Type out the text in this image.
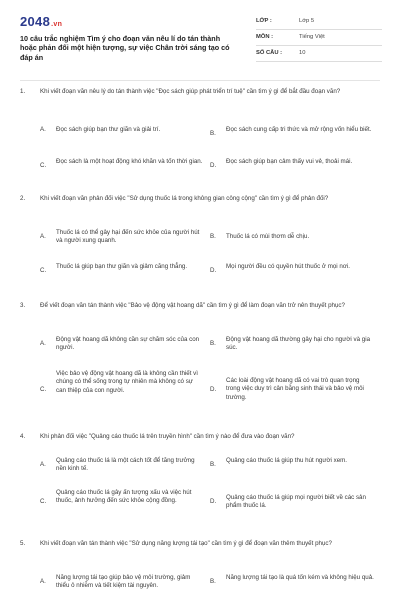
2048.vn
10 câu trắc nghiệm Tìm ý cho đoạn văn nêu lí do tán thành hoặc phản đối một hiện tượng, sự việc Chân trời sáng tạo có đáp án
LỚP :	Lớp 5
MÔN :	Tiếng Việt
SỐ CÂU :	10
1. Khi viết đoạn văn nêu lý do tán thành việc "Đọc sách giúp phát triển trí tuệ" cần tìm ý gì để bắt đầu đoạn văn?
A. Đọc sách giúp bạn thư giãn và giải trí.
B.
Đọc sách cung cấp tri thức và mở rộng vốn hiểu biết.
C.
Đọc sách là một hoạt động khó khăn và tốn thời gian.
D.
Đọc sách giúp bạn cảm thấy vui vẻ, thoải mái.
2. Khi viết đoạn văn phản đối việc "Sử dụng thuốc lá trong không gian công cộng" cần tìm ý gì để phản đối?
A.
Thuốc lá có thể gây hại đến sức khỏe của người hút và người xung quanh.
B. Thuốc lá có mùi thơm dễ chịu.
C.
Thuốc lá giúp bạn thư giãn và giảm căng thẳng.
D.
Mọi người đều có quyền hút thuốc ở mọi nơi.
3. Để viết đoạn văn tán thành việc "Bảo vệ động vật hoang dã" cần tìm ý gì để làm đoạn văn trở nên thuyết phục?
A.
Động vật hoang dã không cần sự chăm sóc của con người.
B.
Động vật hoang dã thường gây hại cho người và gia súc.
C.
Việc bảo vệ động vật hoang dã là không cần thiết vì chúng có thể sống trong tự nhiên mà không có sự can thiệp của con người.	D.
Các loài động vật hoang dã có vai trò quan trọng trong việc duy trì cân bằng sinh thái và bảo vệ môi trường.
4. Khi phản đối việc "Quảng cáo thuốc lá trên truyền hình" cần tìm ý nào để đưa vào đoạn văn?
A.
Quảng cáo thuốc lá là một cách tốt để tăng trưởng nền kinh tế.
B.
Quảng cáo thuốc lá giúp thu hút người xem.
C.
Quảng cáo thuốc lá gây ấn tượng xấu và việc hút thuốc, ảnh hưởng đến sức khỏe cộng đồng.	D.
Quảng cáo thuốc lá giúp mọi người biết về các sản phẩm thuốc lá.
5. Khi viết đoạn văn tán thành việc "Sử dụng năng lượng tái tạo" cần tìm ý gì để đoạn văn thêm thuyết phục?
A.
Năng lượng tái tạo giúp bảo vệ môi trường, giảm thiểu ô nhiễm và tiết kiệm tài nguyên.
B.
Năng lượng tái tạo là quá tốn kém và không hiệu quả.
